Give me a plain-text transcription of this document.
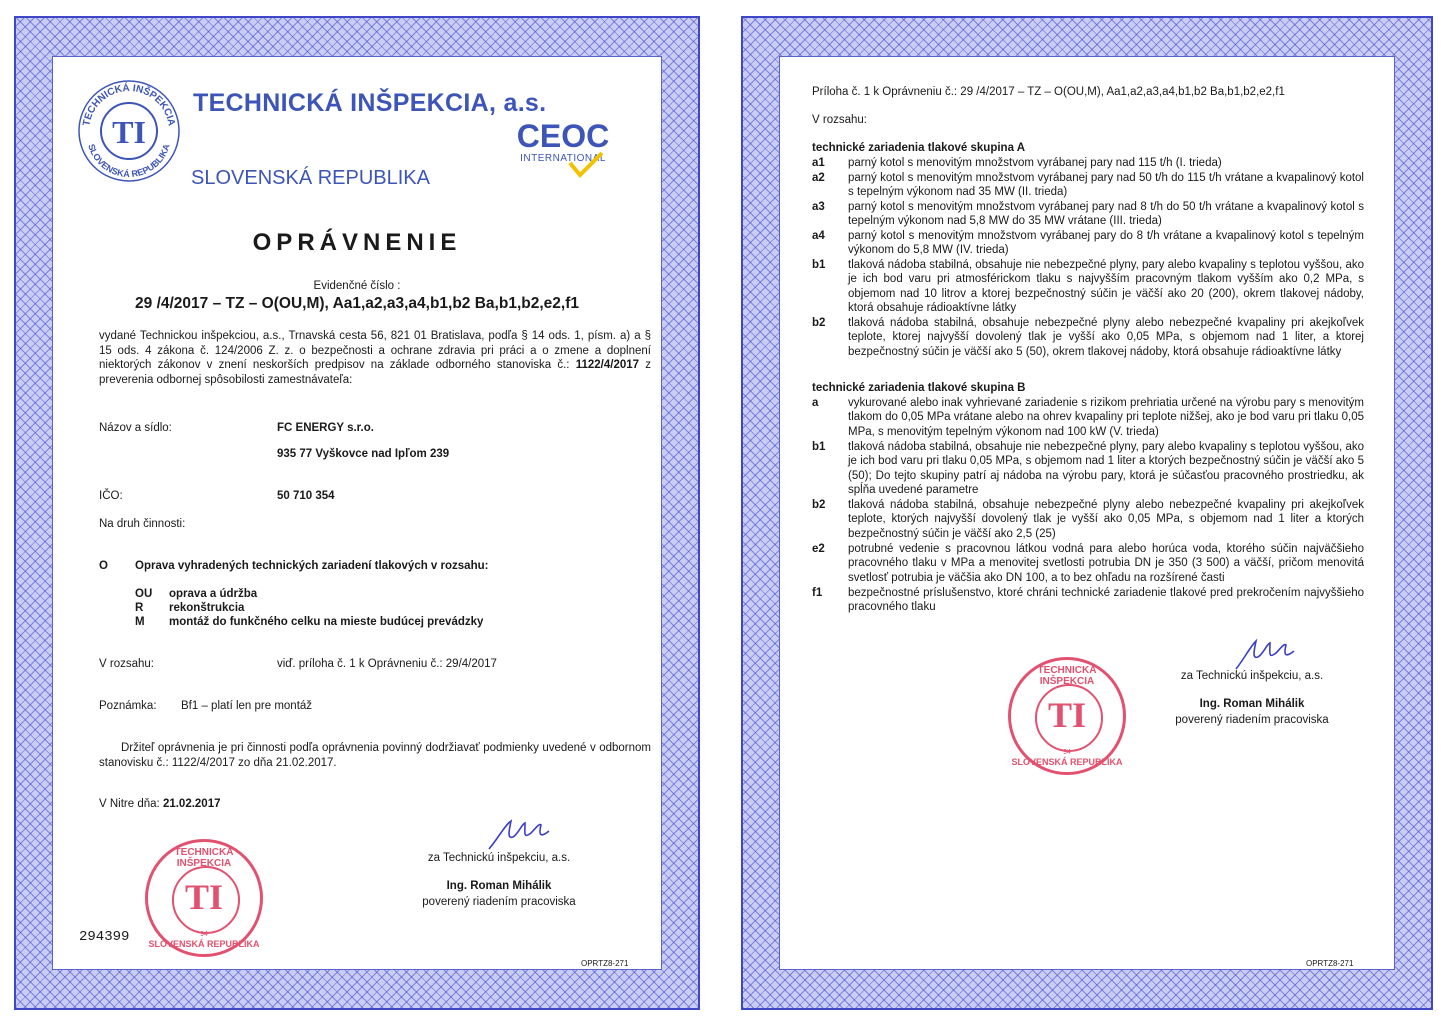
TI
TECHNICKÁ INŠPEKCIA
SLOVENSKÁ REPUBLIKA
TECHNICKÁ INŠPEKCIA, a.s.
SLOVENSKÁ REPUBLIKA
CEOC
INTERNATIONAL
OPRÁVNENIE
Evidenčné číslo :
29 /4/2017 – TZ – O(OU,M), Aa1,a2,a3,a4,b1,b2 Ba,b1,b2,e2,f1
vydané Technickou inšpekciou, a.s., Trnavská cesta 56, 821 01 Bratislava, podľa § 14 ods. 1, písm. a) a § 15 ods. 4 zákona č. 124/2006 Z. z. o bezpečnosti a ochrane zdravia pri práci a o zmene a doplnení niektorých zákonov v znení neskorších predpisov na základe odborného stanoviska č.: 1122/4/2017 z preverenia odbornej spôsobilosti zamestnávateľa:
Názov a sídlo:	FC ENERGY s.r.o.
935 77 Vyškovce nad Ipľom 239
IČO:	50 710 354
Na druh činnosti:
O Oprava vyhradených technických zariadení tlakových v rozsahu:
OU oprava a údržba
R rekonštrukcia
M montáž do funkčného celku na mieste budúcej prevádzky
V rozsahu:	viď. príloha č. 1 k Oprávneniu č.: 29/4/2017
Poznámka: Bf1 – platí len pre montáž
Držiteľ oprávnenia je pri činnosti podľa oprávnenia povinný dodržiavať podmienky uvedené v odbornom stanovisku č.: 1122/4/2017 zo dňa 21.02.2017.
V Nitre dňa: 21.02.2017
za Technickú inšpekciu, a.s.
Ing. Roman Mihálik
poverený riadením pracoviska
TI
TECHNICKÁ INŠPEKCIA
94
SLOVENSKÁ REPUBLIKA
294399
OPRTZ8-271
Príloha č. 1 k Oprávneniu č.: 29 /4/2017 – TZ – O(OU,M), Aa1,a2,a3,a4,b1,b2 Ba,b1,b2,e2,f1
V rozsahu:
technické zariadenia tlakové skupina A
a1	parný kotol s menovitým množstvom vyrábanej pary nad 115 t/h (I. trieda)
a2	parný kotol s menovitým množstvom vyrábanej pary nad 50 t/h do 115 t/h vrátane a kvapalinový kotol s tepelným výkonom nad 35 MW (II. trieda)
a3	parný kotol s menovitým množstvom vyrábanej pary nad 8 t/h do 50 t/h vrátane a kvapalinový kotol s tepelným výkonom nad 5,8 MW do 35 MW vrátane (III. trieda)
a4	parný kotol s menovitým množstvom vyrábanej pary do 8 t/h vrátane a kvapalinový kotol s tepelným výkonom do 5,8 MW (IV. trieda)
b1	tlaková nádoba stabilná, obsahuje nie nebezpečné plyny, pary alebo kvapaliny s teplotou vyššou, ako je ich bod varu pri atmosférickom tlaku s najvyšším pracovným tlakom vyšším ako 0,2 MPa, s objemom nad 10 litrov a ktorej bezpečnostný súčin je väčší ako 20 (200), okrem tlakovej nádoby, ktorá obsahuje rádioaktívne látky
b2	tlaková nádoba stabilná, obsahuje nebezpečné plyny alebo nebezpečné kvapaliny pri akejkoľvek teplote, ktorej najvyšší dovolený tlak je vyšší ako 0,05 MPa, s objemom nad 1 liter, a ktorej bezpečnostný súčin je väčší ako 5 (50), okrem tlakovej nádoby, ktorá obsahuje rádioaktívne látky
technické zariadenia tlakové skupina B
a	vykurované alebo inak vyhrievané zariadenie s rizikom prehriatia určené na výrobu pary s menovitým tlakom do 0,05 MPa vrátane alebo na ohrev kvapaliny pri teplote nižšej, ako je bod varu pri tlaku 0,05 MPa, s menovitým tepelným výkonom nad 100 kW (V. trieda)
b1	tlaková nádoba stabilná, obsahuje nie nebezpečné plyny, pary alebo kvapaliny s teplotou vyššou, ako je ich bod varu pri tlaku 0,05 MPa, s objemom nad 1 liter a ktorých bezpečnostný súčin je väčší ako 5 (50); Do tejto skupiny patrí aj nádoba na výrobu pary, ktorá je súčasťou pracovného prostriedku, ak spĺňa uvedené parametre
b2	tlaková nádoba stabilná, obsahuje nebezpečné plyny alebo nebezpečné kvapaliny pri akejkoľvek teplote, ktorých najvyšší dovolený tlak je vyšší ako 0,05 MPa, s objemom nad 1 liter a ktorých bezpečnostný súčin je väčší ako 2,5 (25)
e2	potrubné vedenie s pracovnou látkou vodná para alebo horúca voda, ktorého súčin najväčšieho pracovného tlaku v MPa a menovitej svetlosti potrubia DN je 350 (3 500) a väčší, pričom menovitá svetlosť potrubia je väčšia ako DN 100, a to bez ohľadu na rozšírené časti
f1	bezpečnostné príslušenstvo, ktoré chráni technické zariadenie tlakové pred prekročením najvyššieho pracovného tlaku
za Technickú inšpekciu, a.s.
Ing. Roman Mihálik
poverený riadením pracoviska
TI
TECHNICKÁ INŠPEKCIA
94
SLOVENSKÁ REPUBLIKA
OPRTZ8-271
